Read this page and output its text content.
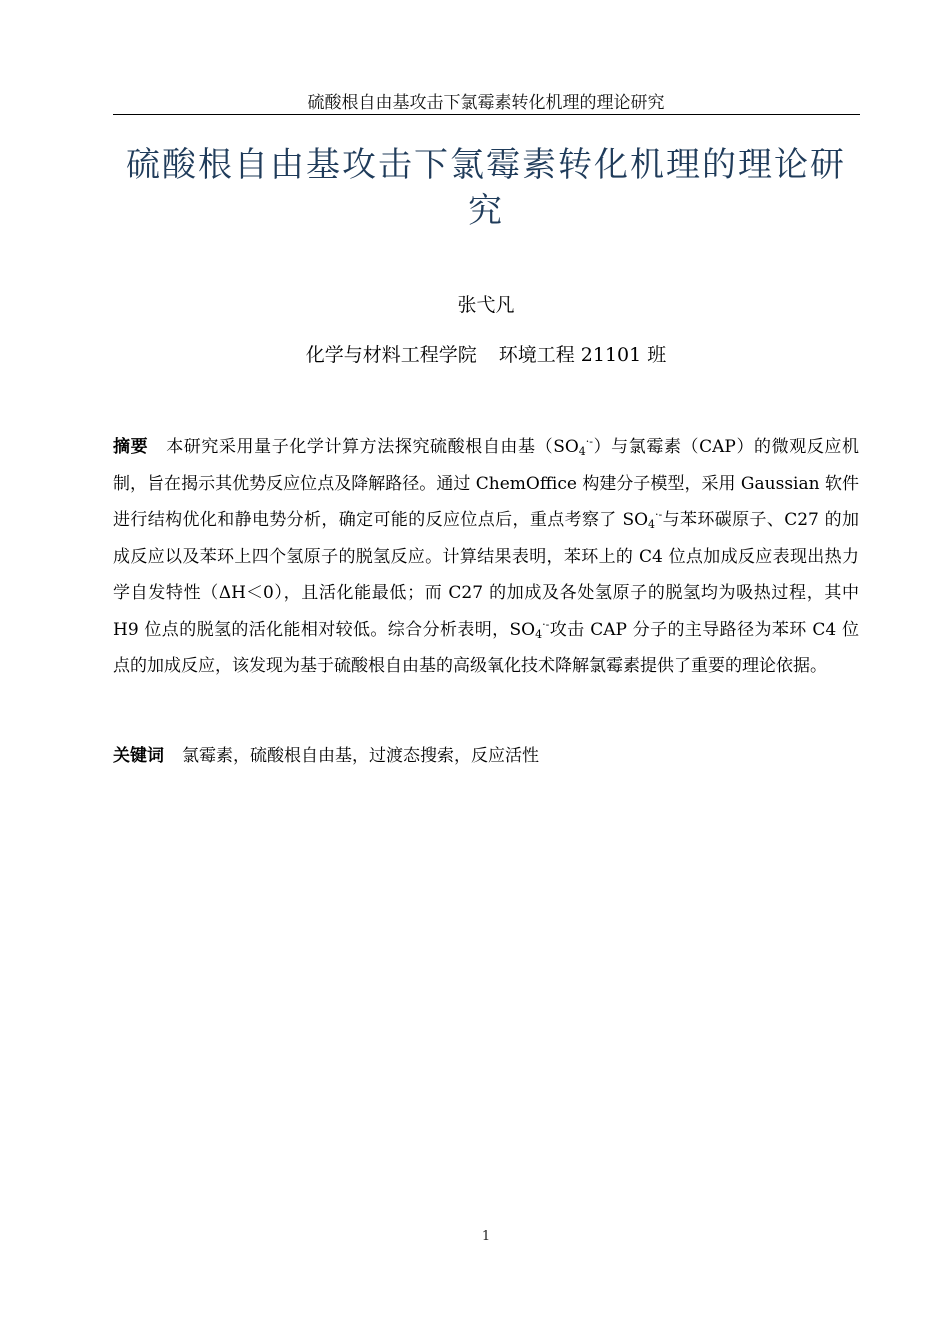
硫酸根自由基攻击下氯霉素转化机理的理论研究
硫酸根自由基攻击下氯霉素转化机理的理论研究
张弋凡
化学与材料工程学院 环境工程 21101 班

摘要 本研究采用量子化学计算方法探究硫酸根自由基$(SO_4^{\cdot-})$与氯霉素（CAP）的微观反应机制，旨在揭示其优势反应位点及降解路径。通过 ChemOffice 构建分子模型，采用 Gaussian 软件进行结构优化和静电势分析，确定可能的反应位点后，重点考察了 $SO_4^{\cdot-}$与苯环碳原子、C27 的加成反应以及苯环上四个氢原子的脱氢反应。计算结果表明，苯环上的 C4 位点加成反应表现出热力学自发特性（ΔH＜0），且活化能最低；而 C27 的加成及各处氢原子的脱氢均为吸热过程，其中 H9 位点的脱氢的活化能相对较低。综合分析表明，$SO_4^{\cdot-}$攻击 CAP 分子的主导路径为苯环 C4 位点的加成反应，该发现为基于硫酸根自由基的高级氧化技术降解氯霉素提供了重要的理论依据。

关键词 氯霉素，硫酸根自由基，过渡态搜索，反应活性
1
